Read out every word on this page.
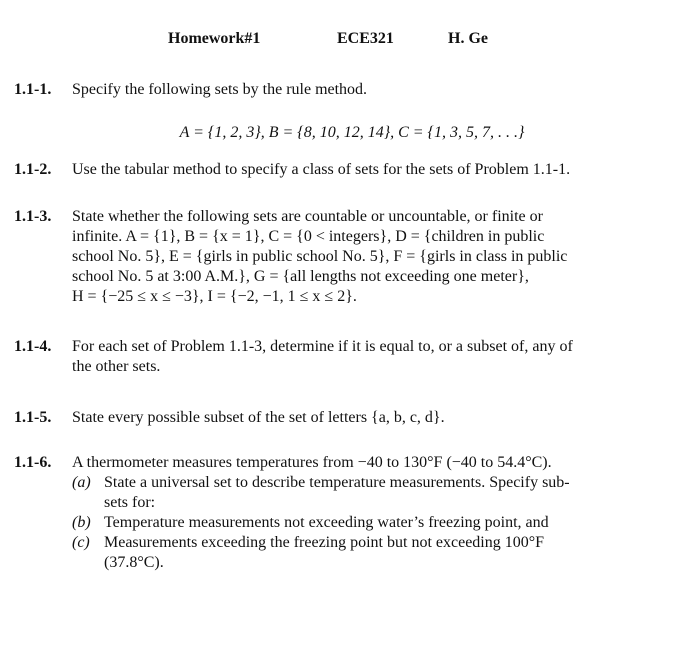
Homework#1	ECE321	H. Ge
1.1-1. Specify the following sets by the rule method.
A = {1, 2, 3}, B = {8, 10, 12, 14}, C = {1, 3, 5, 7, . . .}
1.1-2. Use the tabular method to specify a class of sets for the sets of Problem 1.1-1.
1.1-3. State whether the following sets are countable or uncountable, or finite or
infinite. A = {1}, B = {x = 1}, C = {0 < integers}, D = {children in public
school No. 5}, E = {girls in public school No. 5}, F = {girls in class in public
school No. 5 at 3:00 A.M.}, G = {all lengths not exceeding one meter},
H = {−25 ≤ x ≤ −3}, I = {−2, −1, 1 ≤ x ≤ 2}.
1.1-4. For each set of Problem 1.1-3, determine if it is equal to, or a subset of, any of
the other sets.
1.1-5. State every possible subset of the set of letters {a, b, c, d}.
1.1-6. A thermometer measures temperatures from −40 to 130°F (−40 to 54.4°C).
(a) State a universal set to describe temperature measurements. Specify sub-
sets for:
(b) Temperature measurements not exceeding water’s freezing point, and
(c) Measurements exceeding the freezing point but not exceeding 100°F
(37.8°C).
